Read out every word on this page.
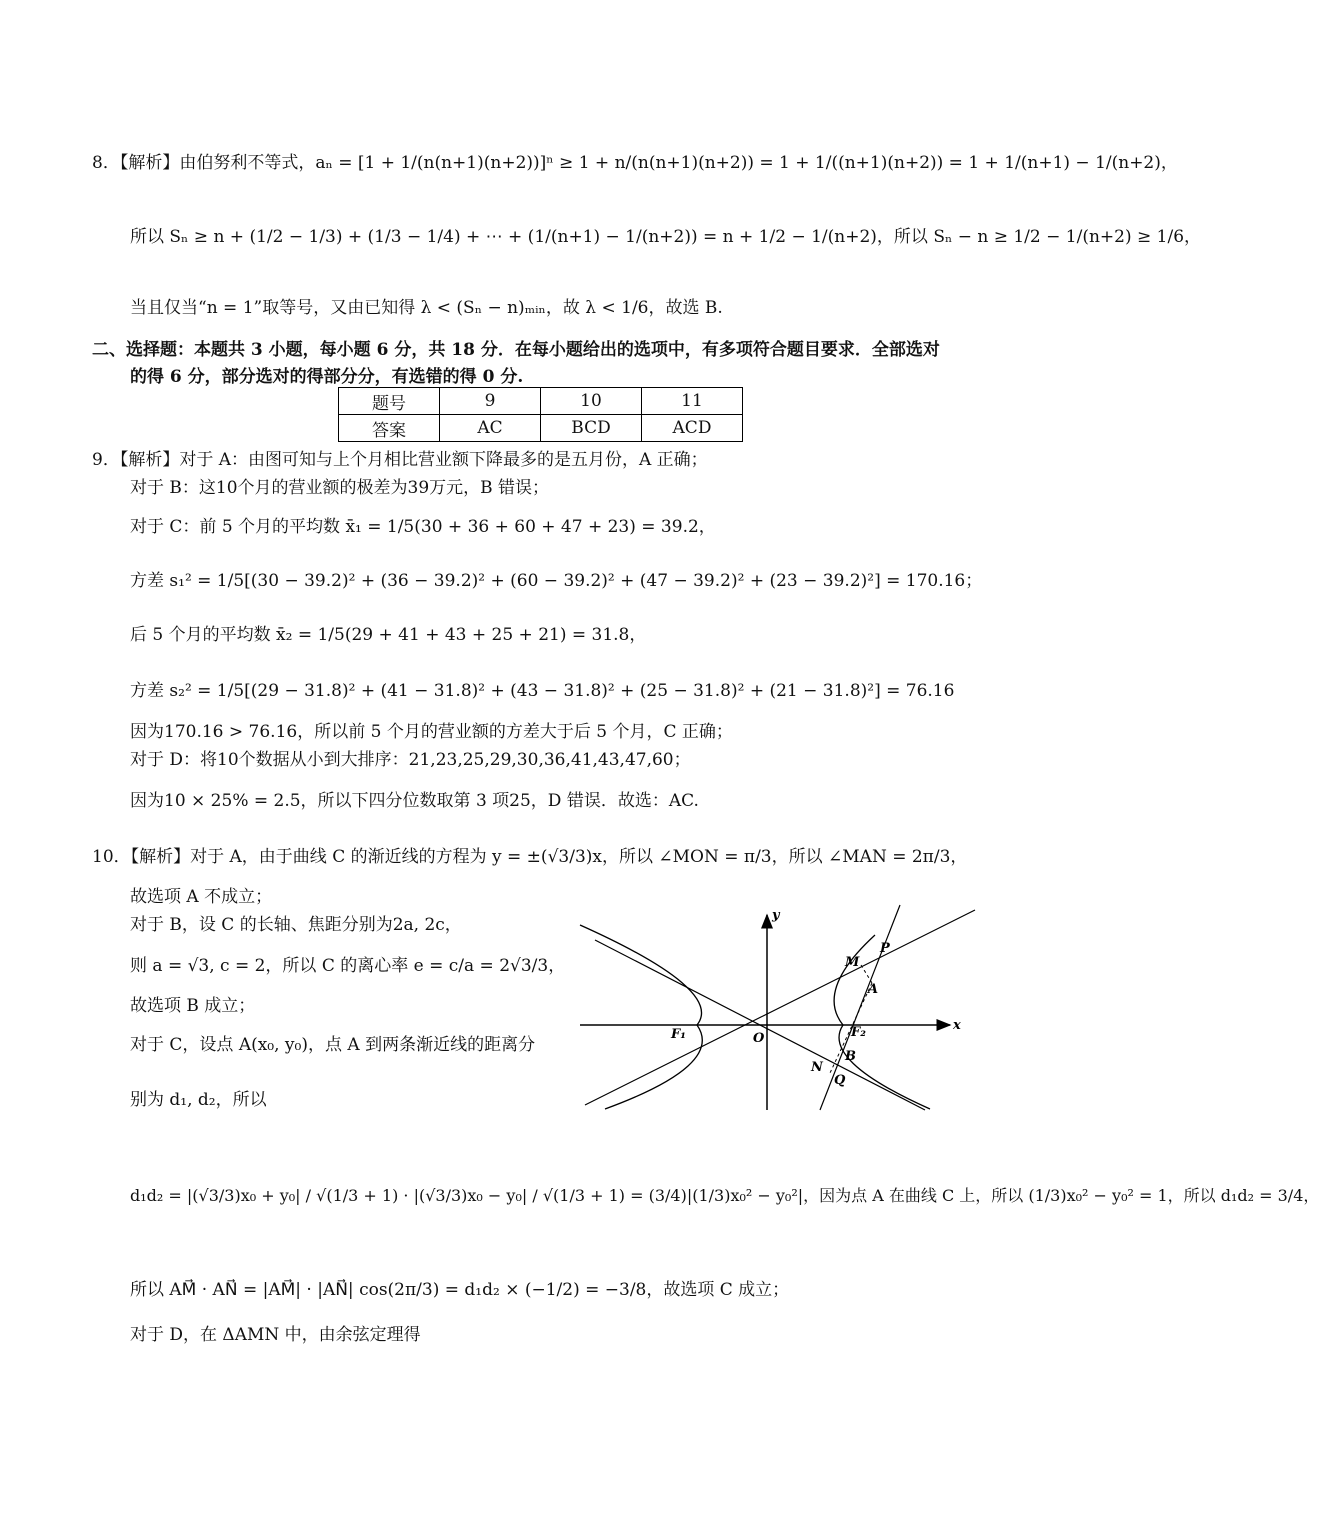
8．【解析】由伯努利不等式，aₙ = [1 + 1/(n(n+1)(n+2))]ⁿ ≥ 1 + n/(n(n+1)(n+2)) = 1 + 1/((n+1)(n+2)) = 1 + 1/(n+1) − 1/(n+2)，
所以 Sₙ ≥ n + (1/2 − 1/3) + (1/3 − 1/4) + ⋯ + (1/(n+1) − 1/(n+2)) = n + 1/2 − 1/(n+2)，所以 Sₙ − n ≥ 1/2 − 1/(n+2) ≥ 1/6，
当且仅当“n = 1”取等号，又由已知得 λ < (Sₙ − n)ₘᵢₙ，故 λ < 1/6，故选 B.
二、选择题：本题共 3 小题，每小题 6 分，共 18 分．在每小题给出的选项中，有多项符合题目要求．全部选对
的得 6 分，部分选对的得部分分，有选错的得 0 分.
题号	9	10	11
答案	AC	BCD	ACD
9．【解析】对于 A：由图可知与上个月相比营业额下降最多的是五月份，A 正确；
对于 B：这10个月的营业额的极差为39万元，B 错误；
对于 C：前 5 个月的平均数 x̄₁ = 1/5(30 + 36 + 60 + 47 + 23) = 39.2，
方差 s₁² = 1/5[(30 − 39.2)² + (36 − 39.2)² + (60 − 39.2)² + (47 − 39.2)² + (23 − 39.2)²] = 170.16；
后 5 个月的平均数 x̄₂ = 1/5(29 + 41 + 43 + 25 + 21) = 31.8，
方差 s₂² = 1/5[(29 − 31.8)² + (41 − 31.8)² + (43 − 31.8)² + (25 − 31.8)² + (21 − 31.8)²] = 76.16
因为170.16 > 76.16，所以前 5 个月的营业额的方差大于后 5 个月，C 正确；
对于 D：将10个数据从小到大排序：21,23,25,29,30,36,41,43,47,60；
因为10 × 25% = 2.5，所以下四分位数取第 3 项25，D 错误．故选：AC.
10．【解析】对于 A，由于曲线 C 的渐近线的方程为 y = ±(√3/3)x，所以 ∠MON = π/3，所以 ∠MAN = 2π/3，
故选项 A 不成立；
对于 B，设 C 的长轴、焦距分别为2a, 2c，
则 a = √3, c = 2，所以 C 的离心率 e = c/a = 2√3/3，
故选项 B 成立；
对于 C，设点 A(x₀, y₀)，点 A 到两条渐近线的距离分
别为 d₁, d₂，所以
d₁d₂ = |(√3/3)x₀ + y₀| / √(1/3 + 1) · |(√3/3)x₀ − y₀| / √(1/3 + 1) = (3/4)|(1/3)x₀² − y₀²|，因为点 A 在曲线 C 上，所以 (1/3)x₀² − y₀² = 1，所以 d₁d₂ = 3/4，
所以 AM⃗ · AN⃗ = |AM⃗| · |AN⃗| cos(2π/3) = d₁d₂ × (−1/2) = −3/8，故选项 C 成立；
对于 D，在 ΔAMN 中，由余弦定理得
x
y
O
F₁	F₂
M
P
A
B
N
Q
